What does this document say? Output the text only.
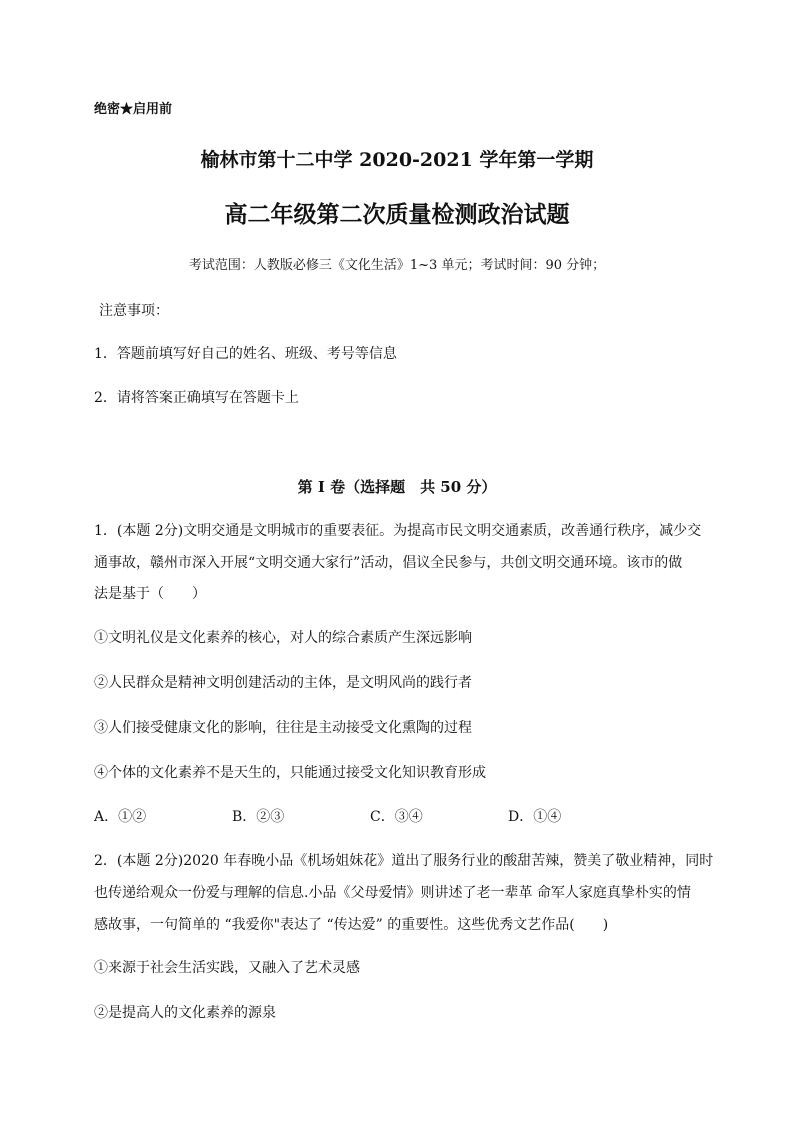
绝密★启用前
榆林市第十二中学 2020-2021 学年第一学期
高二年级第二次质量检测政治试题
考试范围：人教版必修三《文化生活》1~3 单元；考试时间：90 分钟；
注意事项：
1．答题前填写好自己的姓名、班级、考号等信息
2．请将答案正确填写在答题卡上
第 I 卷（选择题　共 50 分）
1．(本题 2分)文明交通是文明城市的重要表征。为提高市民文明交通素质，改善通行秩序，减少交
通事故，赣州市深入开展“文明交通大家行”活动，倡议全民参与，共创文明交通环境。该市的做
法是基于（　　）
①文明礼仪是文化素养的核心，对人的综合素质产生深远影响
②人民群众是精神文明创建活动的主体，是文明风尚的践行者
③人们接受健康文化的影响，往往是主动接受文化熏陶的过程
④个体的文化素养不是天生的，只能通过接受文化知识教育形成
A．①②	B．②③	C．③④	D．①④
2．(本题 2分)2020 年春晚小品《机场姐妹花》道出了服务行业的酸甜苦辣，赞美了敬业精神，同时
也传递给观众一份爱与理解的信息.小品《父母爱情》则讲述了老一辈革 命军人家庭真挚朴实的情
感故事，一句简单的 “我爱你"表达了 “传达爱” 的重要性。这些优秀文艺作品(　　)
①来源于社会生活实践，又融入了艺术灵感
②是提高人的文化素养的源泉
